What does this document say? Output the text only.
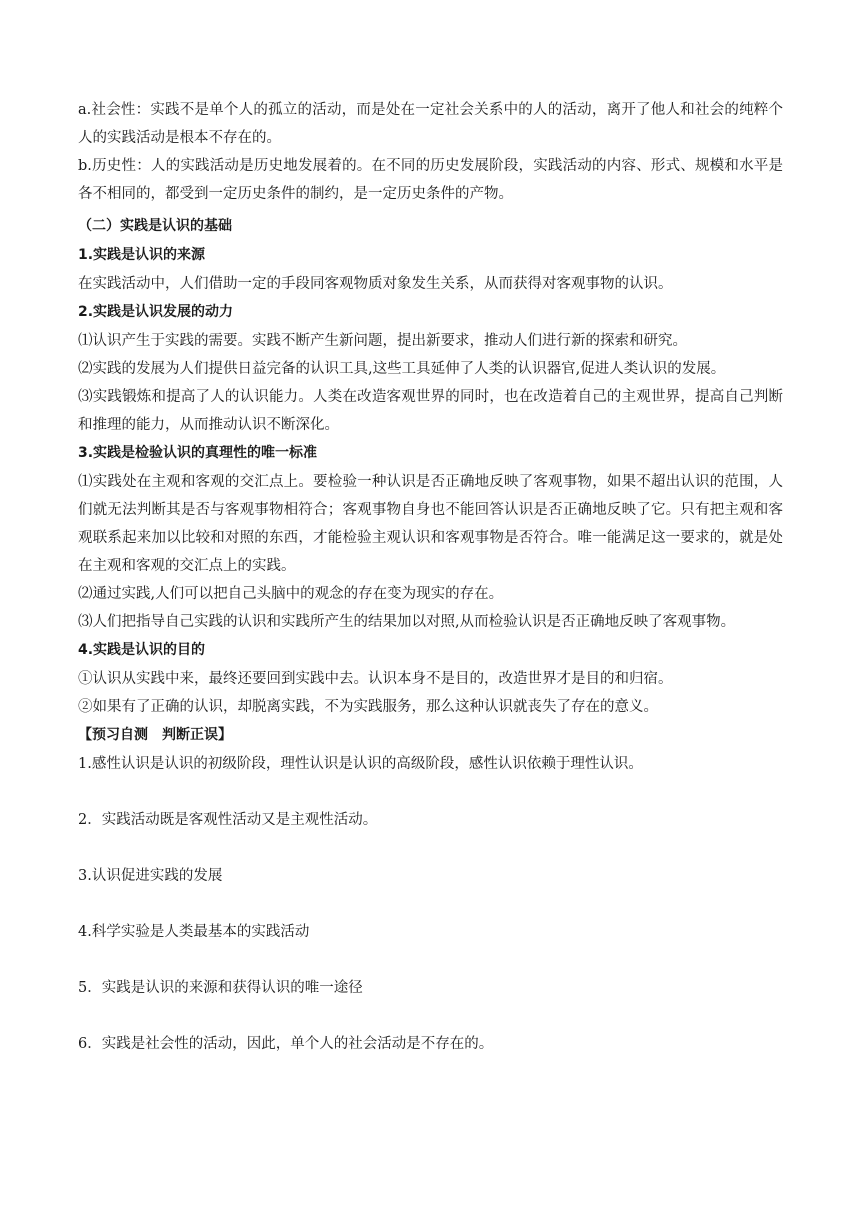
a.社会性：实践不是单个人的孤立的活动，而是处在一定社会关系中的人的活动，离开了他人和社会的纯粹个人的实践活动是根本不存在的。

b.历史性：人的实践活动是历史地发展着的。在不同的历史发展阶段，实践活动的内容、形式、规模和水平是各不相同的，都受到一定历史条件的制约，是一定历史条件的产物。

（二）实践是认识的基础

1.实践是认识的来源

在实践活动中，人们借助一定的手段同客观物质对象发生关系，从而获得对客观事物的认识。

2.实践是认识发展的动力

⑴认识产生于实践的需要。实践不断产生新问题，提出新要求，推动人们进行新的探索和研究。

⑵实践的发展为人们提供日益完备的认识工具,这些工具延伸了人类的认识器官,促进人类认识的发展。

⑶实践锻炼和提高了人的认识能力。人类在改造客观世界的同时，也在改造着自己的主观世界，提高自己判断和推理的能力，从而推动认识不断深化。

3.实践是检验认识的真理性的唯一标准

⑴实践处在主观和客观的交汇点上。要检验一种认识是否正确地反映了客观事物，如果不超出认识的范围，人们就无法判断其是否与客观事物相符合；客观事物自身也不能回答认识是否正确地反映了它。只有把主观和客观联系起来加以比较和对照的东西，才能检验主观认识和客观事物是否符合。唯一能满足这一要求的，就是处在主观和客观的交汇点上的实践。

⑵通过实践,人们可以把自己头脑中的观念的存在变为现实的存在。

⑶人们把指导自己实践的认识和实践所产生的结果加以对照,从而检验认识是否正确地反映了客观事物。

4.实践是认识的目的

①认识从实践中来，最终还要回到实践中去。认识本身不是目的，改造世界才是目的和归宿。

②如果有了正确的认识，却脱离实践，不为实践服务，那么这种认识就丧失了存在的意义。

【预习自测　判断正误】

1.感性认识是认识的初级阶段，理性认识是认识的高级阶段，感性认识依赖于理性认识。

2．实践活动既是客观性活动又是主观性活动。

3.认识促进实践的发展

4.科学实验是人类最基本的实践活动

5．实践是认识的来源和获得认识的唯一途径

6．实践是社会性的活动，因此，单个人的社会活动是不存在的。
